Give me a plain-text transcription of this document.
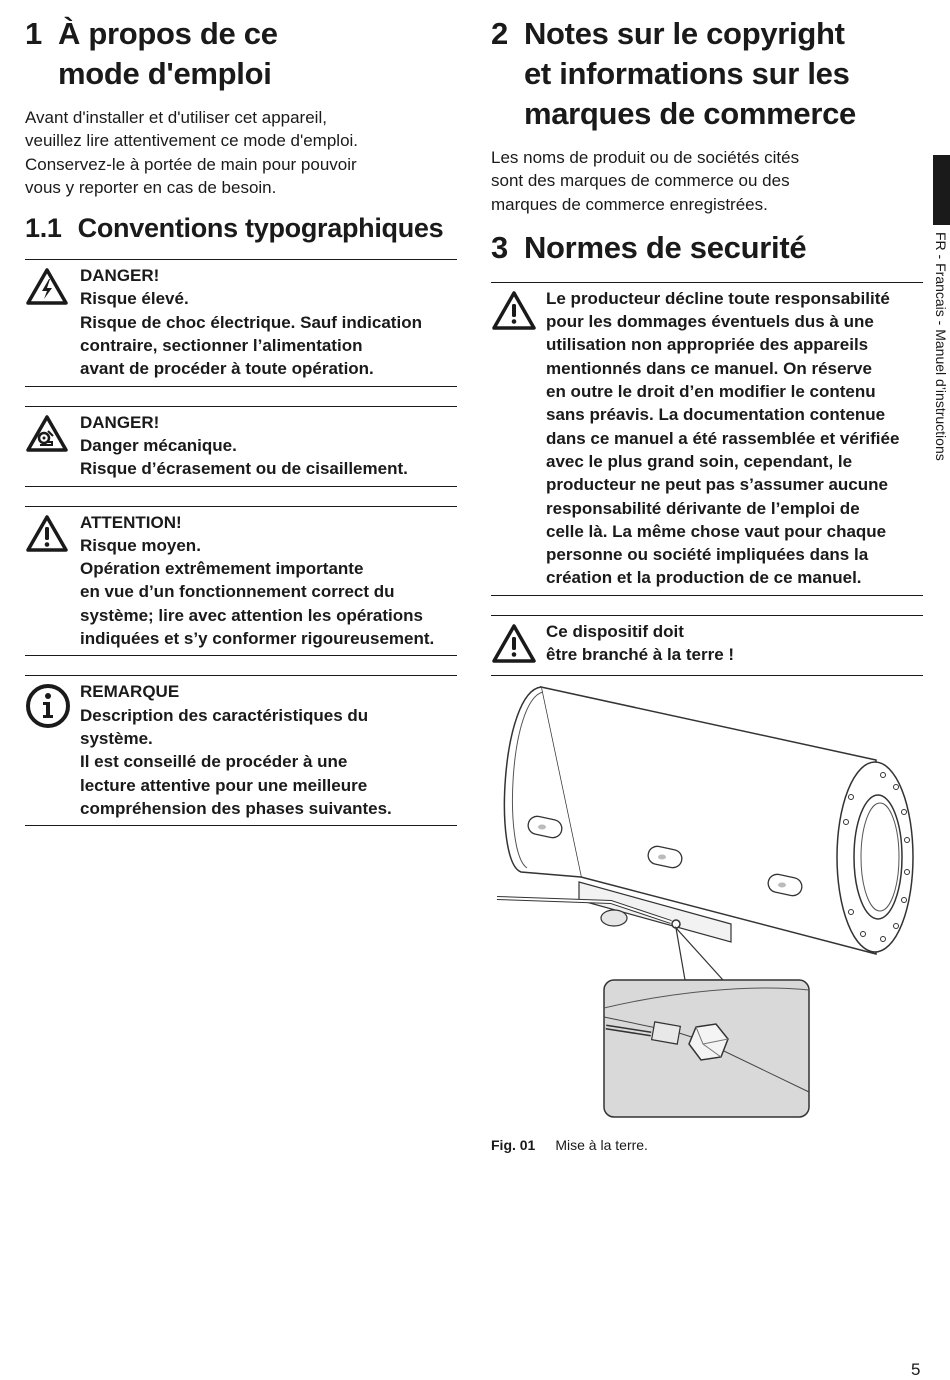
1 À propos de ce
mode d'emploi

Avant d'installer et d'utiliser cet appareil,
veuillez lire attentivement ce mode d'emploi.
Conservez-le à portée de main pour pouvoir
vous y reporter en cas de besoin.

1.1 Conventions typographiques
DANGER!
Risque élevé.
Risque de choc électrique. Sauf indication
contraire, sectionner l’alimentation
avant de procéder à toute opération.
DANGER!
Danger mécanique.
Risque d’écrasement ou de cisaillement.
ATTENTION!
Risque moyen.
Opération extrêmement importante
en vue d’un fonctionnement correct du
système; lire avec attention les opérations
indiquées et s’y conformer rigoureusement.
REMARQUE
Description des caractéristiques du
système.
Il est conseillé de procéder à une
lecture attentive pour une meilleure
compréhension des phases suivantes.
2 Notes sur le copyright
et informations sur les
marques de commerce

Les noms de produit ou de sociétés cités
sont des marques de commerce ou des
marques de commerce enregistrées.

3 Normes de securité
Le producteur décline toute responsabilité
pour les dommages éventuels dus à une
utilisation non appropriée des appareils
mentionnés dans ce manuel. On réserve
en outre le droit d’en modifier le contenu
sans préavis. La documentation contenue
dans ce manuel a été rassemblée et vérifiée
avec le plus grand soin, cependant, le
producteur ne peut pas s’assumer aucune
responsabilité dérivante de l’emploi de
celle là. La même chose vaut pour chaque
personne ou société impliquées dans la
création et la production de ce manuel.
Ce dispositif doit
être branché à la terre !
Fig. 01 Mise à la terre.
FR - Francais - Manuel d’instructions
5
